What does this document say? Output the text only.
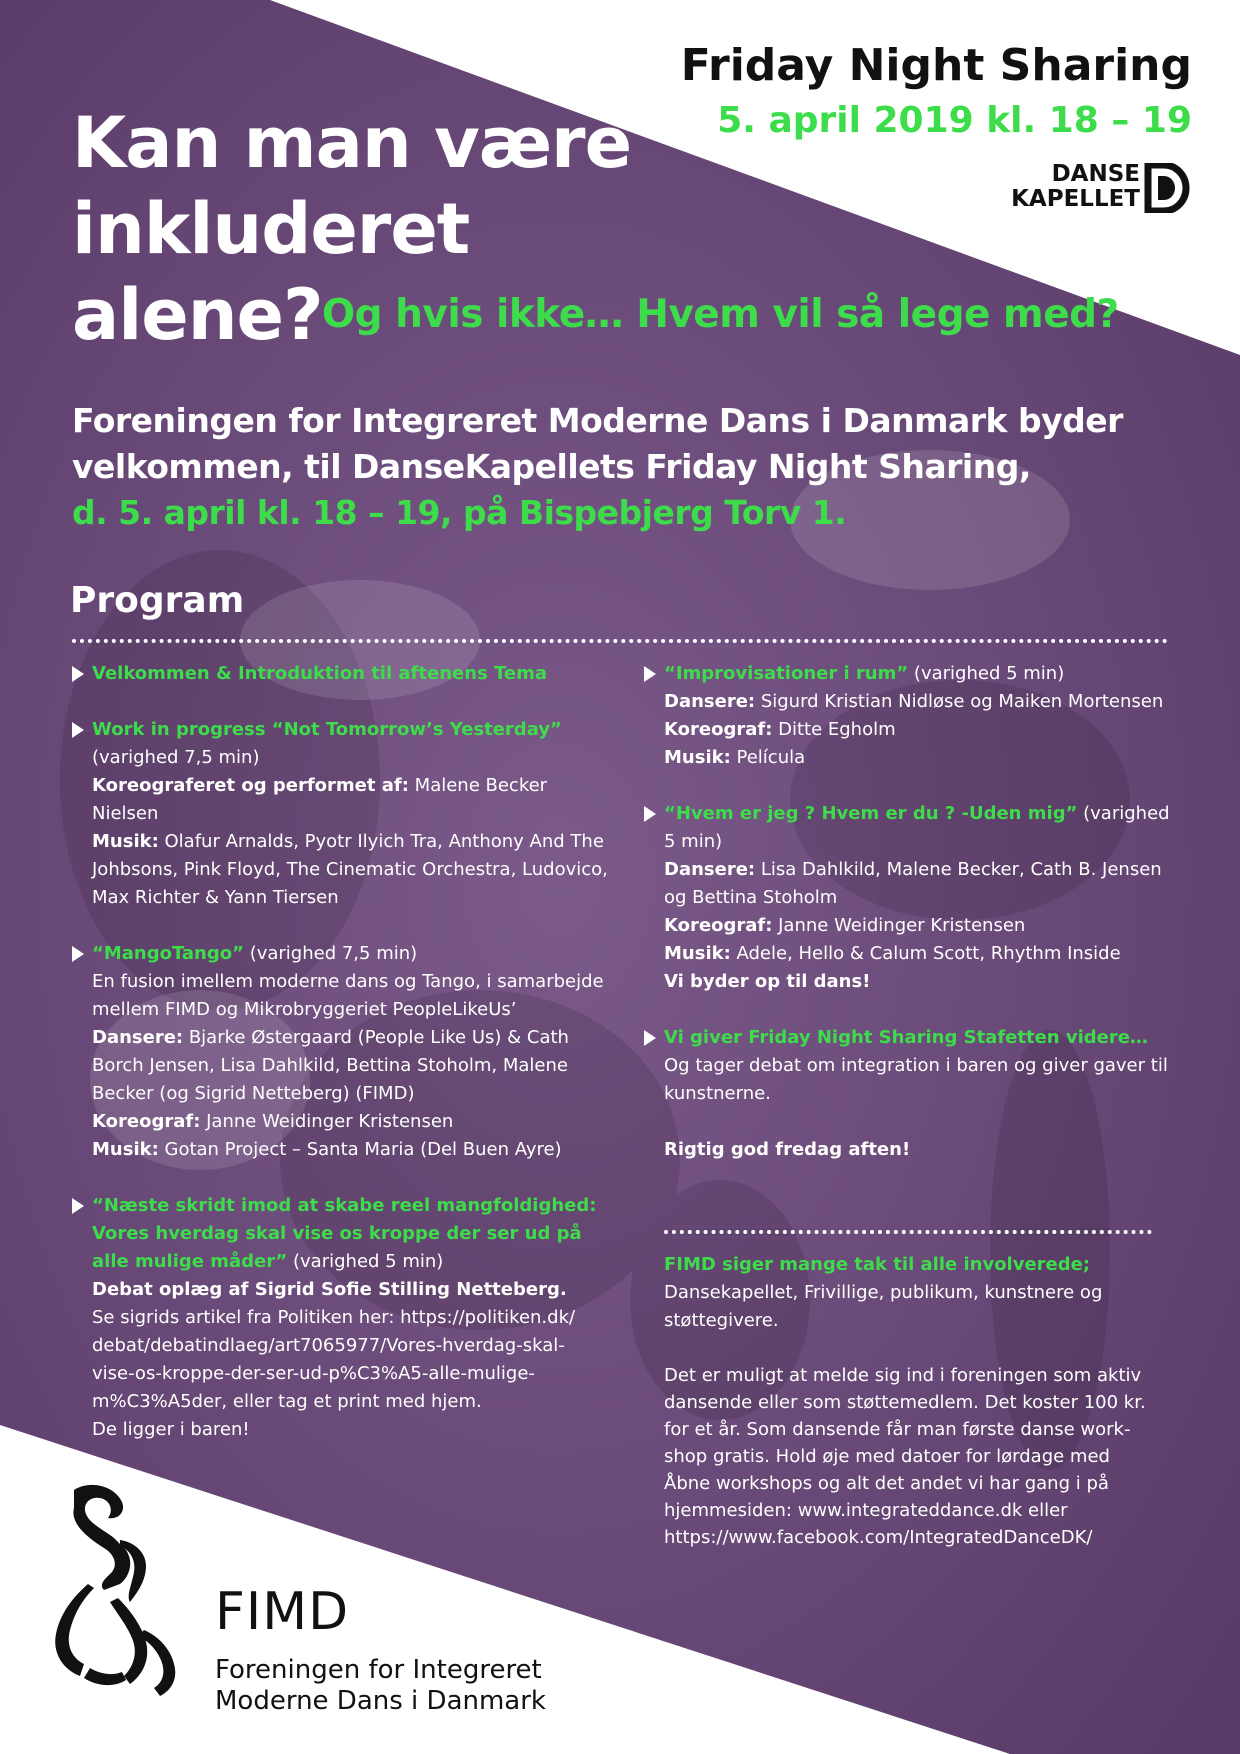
Friday Night Sharing
5. april 2019 kl. 18 – 19
DANSE
KAPELLET
Kan man være inkluderet alene? Og hvis ikke… Hvem vil så lege med?
Foreningen for Integreret Moderne Dans i Danmark byder
velkommen, til DanseKapellets Friday Night Sharing,
d. 5. april kl. 18 – 19, på Bispebjerg Torv 1.
Program
Velkommen & Introduktion til aftenens Tema
Work in progress “Not Tomorrow’s Yesterday”
(varighed 7,5 min)
Koreograferet og performet af: Malene Becker Nielsen
Musik: Olafur Arnalds, Pyotr Ilyich Tra, Anthony And The Johbsons, Pink Floyd, The Cinematic Orchestra, Ludovico, Max Richter & Yann Tiersen
“MangoTango” (varighed 7,5 min)
En fusion imellem moderne dans og Tango, i samarbejde mellem FIMD og Mikrobryggeriet PeopleLikeUs’
Dansere: Bjarke Østergaard (People Like Us) & Cath Borch Jensen, Lisa Dahlkild, Bettina Stoholm, Malene Becker (og Sigrid Netteberg) (FIMD)
Koreograf: Janne Weidinger Kristensen
Musik: Gotan Project – Santa Maria (Del Buen Ayre)
“Næste skridt imod at skabe reel mangfoldighed: Vores hverdag skal vise os kroppe der ser ud på alle mulige måder” (varighed 5 min)
Debat oplæg af Sigrid Sofie Stilling Netteberg.
Se sigrids artikel fra Politiken her: https://politiken.dk/ debat/debatindlaeg/art7065977/Vores-hverdag-skal- vise-os-kroppe-der-ser-ud-p%C3%A5-alle-mulige- m%C3%A5der, eller tag et print med hjem.
De ligger i baren!
“Improvisationer i rum” (varighed 5 min)
Dansere: Sigurd Kristian Nidløse og Maiken Mortensen
Koreograf: Ditte Egholm
Musik: Película
“Hvem er jeg ? Hvem er du ? -Uden mig” (varighed 5 min)
Dansere: Lisa Dahlkild, Malene Becker, Cath B. Jensen og Bettina Stoholm
Koreograf: Janne Weidinger Kristensen
Musik: Adele, Hello & Calum Scott, Rhythm Inside
Vi byder op til dans!
Vi giver Friday Night Sharing Stafetten videre…
Og tager debat om integration i baren og giver gaver til kunstnerne.
Rigtig god fredag aften!
FIMD siger mange tak til alle involverede;
Dansekapellet, Frivillige, publikum, kunstnere og støttegivere.
Det er muligt at melde sig ind i foreningen som aktiv dansende eller som støttemedlem. Det koster 100 kr. for et år. Som dansende får man første danse work- shop gratis. Hold øje med datoer for lørdage med Åbne workshops og alt det andet vi har gang i på hjemmesiden: www.integrateddance.dk eller https://www.facebook.com/IntegratedDanceDK/
FIMD
Foreningen for Integreret
Moderne Dans i Danmark
